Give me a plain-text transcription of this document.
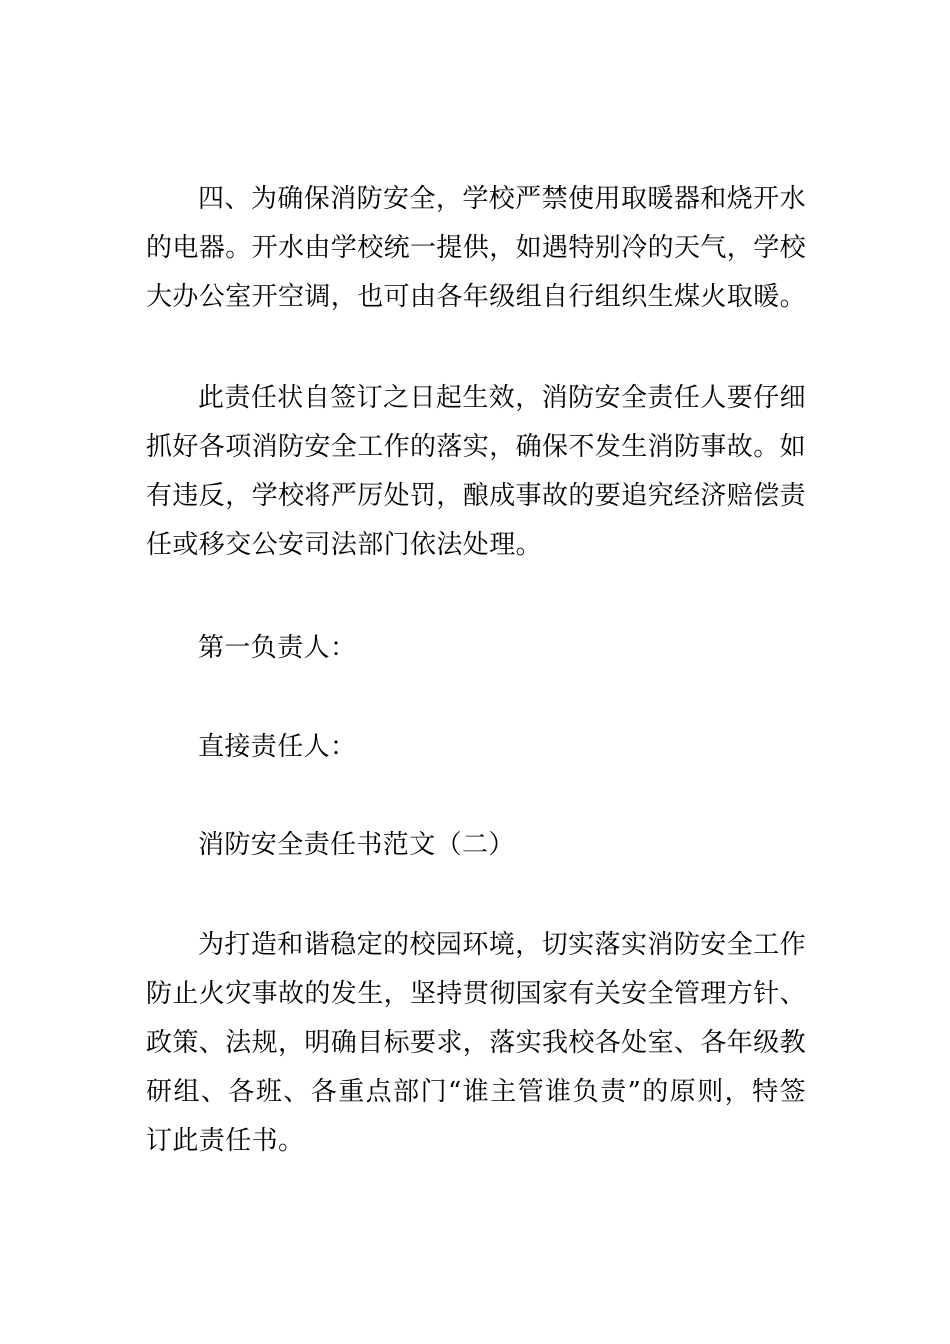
四、为确保消防安全，学校严禁使用取暖器和烧开水的电器。开水由学校统一提供，如遇特别冷的天气，学校大办公室开空调，也可由各年级组自行组织生煤火取暖。

此责任状自签订之日起生效，消防安全责任人要仔细抓好各项消防安全工作的落实，确保不发生消防事故。如有违反，学校将严厉处罚，酿成事故的要追究经济赔偿责任或移交公安司法部门依法处理。

第一负责人：

直接责任人：

消防安全责任书范文（二）

为打造和谐稳定的校园环境，切实落实消防安全工作防止火灾事故的发生，坚持贯彻国家有关安全管理方针、政策、法规，明确目标要求，落实我校各处室、各年级教研组、各班、各重点部门“谁主管谁负责”的原则，特签订此责任书。
